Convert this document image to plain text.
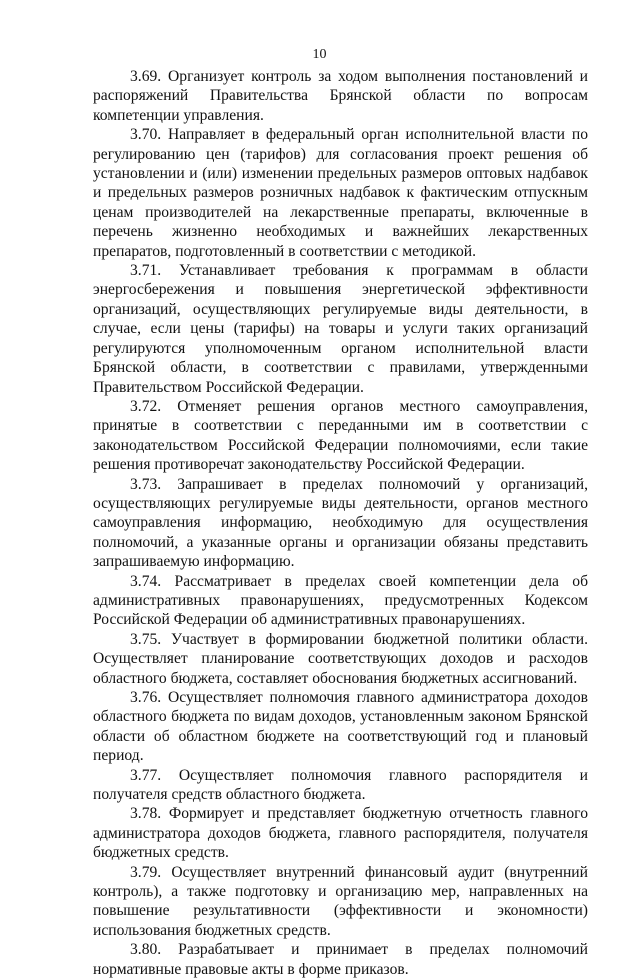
10

3.69. Организует контроль за ходом выполнения постановлений и распоряжений Правительства Брянской области по вопросам компетенции управления.

3.70. Направляет в федеральный орган исполнительной власти по регулированию цен (тарифов) для согласования проект решения об установлении и (или) изменении предельных размеров оптовых надбавок и предельных размеров розничных надбавок к фактическим отпускным ценам производителей на лекарственные препараты, включенные в перечень жизненно необходимых и важнейших лекарственных препаратов, подготовленный в соответствии с методикой.

3.71. Устанавливает требования к программам в области энергосбережения и повышения энергетической эффективности организаций, осуществляющих регулируемые виды деятельности, в случае, если цены (тарифы) на товары и услуги таких организаций регулируются уполномоченным органом исполнительной власти Брянской области, в соответствии с правилами, утвержденными Правительством Российской Федерации.

3.72. Отменяет решения органов местного самоуправления, принятые в соответствии с переданными им в соответствии с законодательством Российской Федерации полномочиями, если такие решения противоречат законодательству Российской Федерации.

3.73. Запрашивает в пределах полномочий у организаций, осуществляющих регулируемые виды деятельности, органов местного самоуправления информацию, необходимую для осуществления полномочий, а указанные органы и организации обязаны представить запрашиваемую информацию.

3.74. Рассматривает в пределах своей компетенции дела об административных правонарушениях, предусмотренных Кодексом Российской Федерации об административных правонарушениях.

3.75. Участвует в формировании бюджетной политики области. Осуществляет планирование соответствующих доходов и расходов областного бюджета, составляет обоснования бюджетных ассигнований.

3.76. Осуществляет полномочия главного администратора доходов областного бюджета по видам доходов, установленным законом Брянской области об областном бюджете на соответствующий год и плановый период.

3.77. Осуществляет полномочия главного распорядителя и получателя средств областного бюджета.

3.78. Формирует и представляет бюджетную отчетность главного администратора доходов бюджета, главного распорядителя, получателя бюджетных средств.

3.79. Осуществляет внутренний финансовый аудит (внутренний контроль), а также подготовку и организацию мер, направленных на повышение результативности (эффективности и экономности) использования бюджетных средств.

3.80. Разрабатывает и принимает в пределах полномочий нормативные правовые акты в форме приказов.
